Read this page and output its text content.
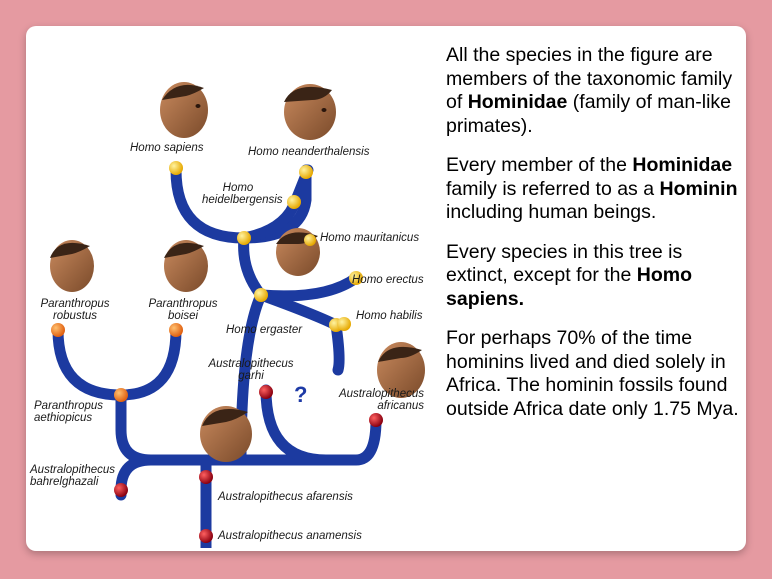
Homo sapiens	Homo neanderthalensis
Homo
heidelbergensis
Homo mauritanicus
Homo erectus
Homo habilis
Homo ergaster
Paranthropus
robustus
Paranthropus
boisei
Australopithecus
garhi
?	Australopithecus
africanus
Paranthropus
aethiopicus
Australopithecus
bahrelghazali
Australopithecus afarensis
Australopithecus anamensis

All the species in the figure are members of the taxonomic family of Hominidae (family of man-like primates).

Every member of the Hominidae family is referred to as a Hominin including human beings.

Every species in this tree is extinct, except for the Homo sapiens.

For perhaps 70% of the time hominins lived and died solely in Africa. The hominin fossils found outside Africa date only 1.75 Mya.
